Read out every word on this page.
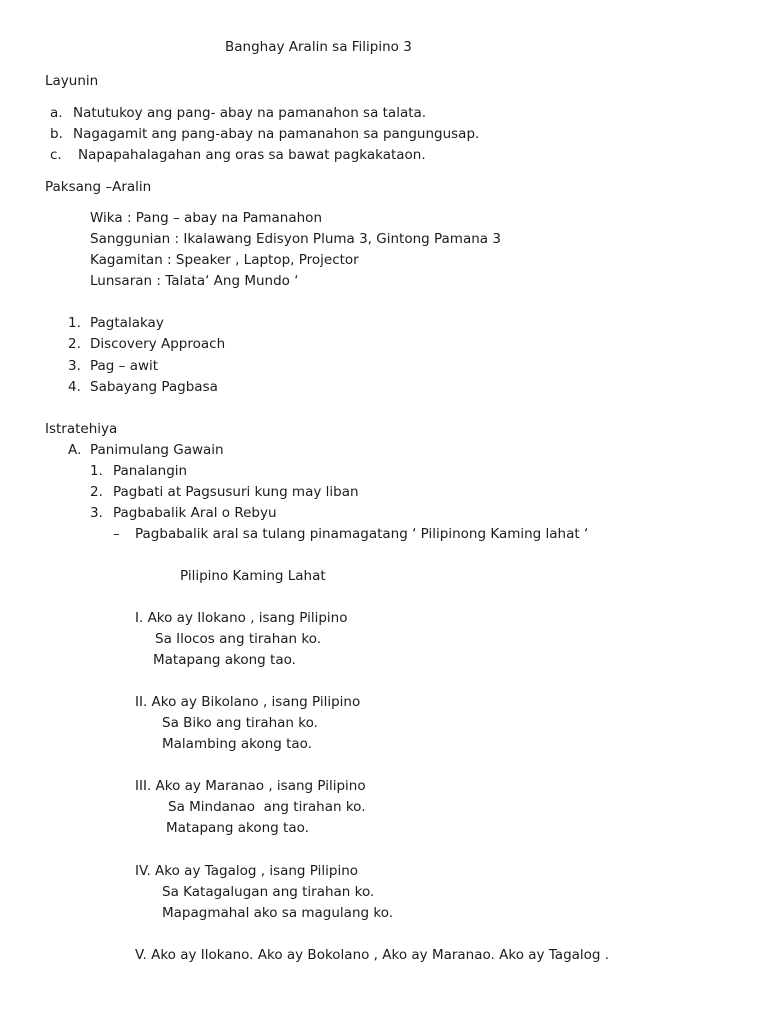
Banghay Aralin sa Filipino 3
Layunin
a. Natutukoy ang pang- abay na pamanahon sa talata.
b. Nagagamit ang pang-abay na pamanahon sa pangungusap.
c. Napapahalagahan ang oras sa bawat pagkakataon.
Paksang –Aralin
Wika : Pang – abay na Pamanahon
Sanggunian : Ikalawang Edisyon Pluma 3, Gintong Pamana 3
Kagamitan : Speaker , Laptop, Projector
Lunsaran : Talata‘ Ang Mundo ‘
1. Pagtalakay
2. Discovery Approach
3. Pag – awit
4. Sabayang Pagbasa
Istratehiya
A. Panimulang Gawain
1. Panalangin
2. Pagbati at Pagsusuri kung may liban
3. Pagbabalik Aral o Rebyu
– Pagbabalik aral sa tulang pinamagatang ‘ Pilipinong Kaming lahat ‘
Pilipino Kaming Lahat
I. Ako ay Ilokano , isang Pilipino
Sa Ilocos ang tirahan ko.
Matapang akong tao.
II. Ako ay Bikolano , isang Pilipino
Sa Biko ang tirahan ko.
Malambing akong tao.
III. Ako ay Maranao , isang Pilipino
Sa Mindanao  ang tirahan ko.
Matapang akong tao.
IV. Ako ay Tagalog , isang Pilipino
Sa Katagalugan ang tirahan ko.
Mapagmahal ako sa magulang ko.
V. Ako ay Ilokano. Ako ay Bokolano , Ako ay Maranao. Ako ay Tagalog .
